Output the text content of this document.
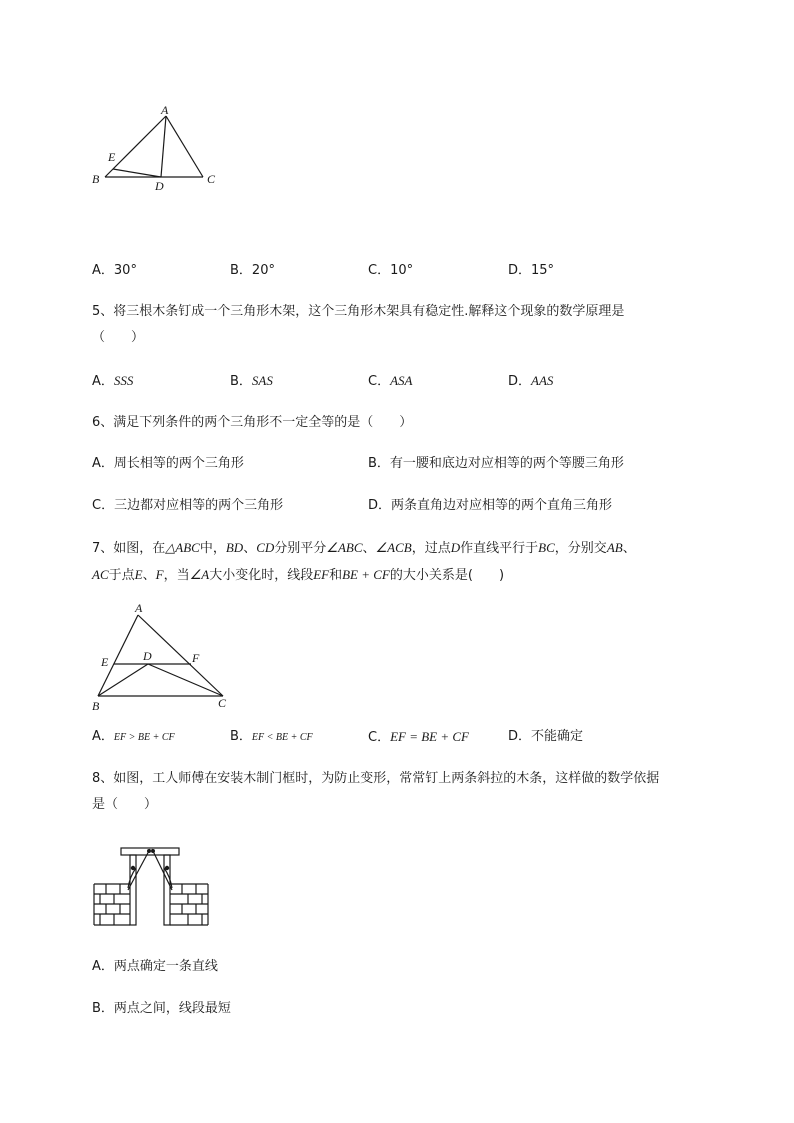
A
E
B	D	C
A．30°	B．20°	C．10°	D．15°
5、将三根木条钉成一个三角形木架，这个三角形木架具有稳定性.解释这个现象的数学原理是
（　　）
A．SSS	B．SAS	C．ASA	D．AAS
6、满足下列条件的两个三角形不一定全等的是（　　）
A．周长相等的两个三角形	B．有一腰和底边对应相等的两个等腰三角形
C．三边都对应相等的两个三角形	D．两条直角边对应相等的两个直角三角形
7、如图，在△ABC中，BD、CD分别平分∠ABC、∠ACB，过点D作直线平行于BC，分别交AB、
AC于点E、F，当∠A大小变化时，线段EF和BE + CF的大小关系是(　　)
A
E	D	F
B	C
A．EF > BE + CF	B．EF < BE + CF	C．EF = BE + CF	D．不能确定
8、如图，工人师傅在安装木制门框时，为防止变形，常常钉上两条斜拉的木条，这样做的数学依据
是（　　）
A．两点确定一条直线
B．两点之间，线段最短
